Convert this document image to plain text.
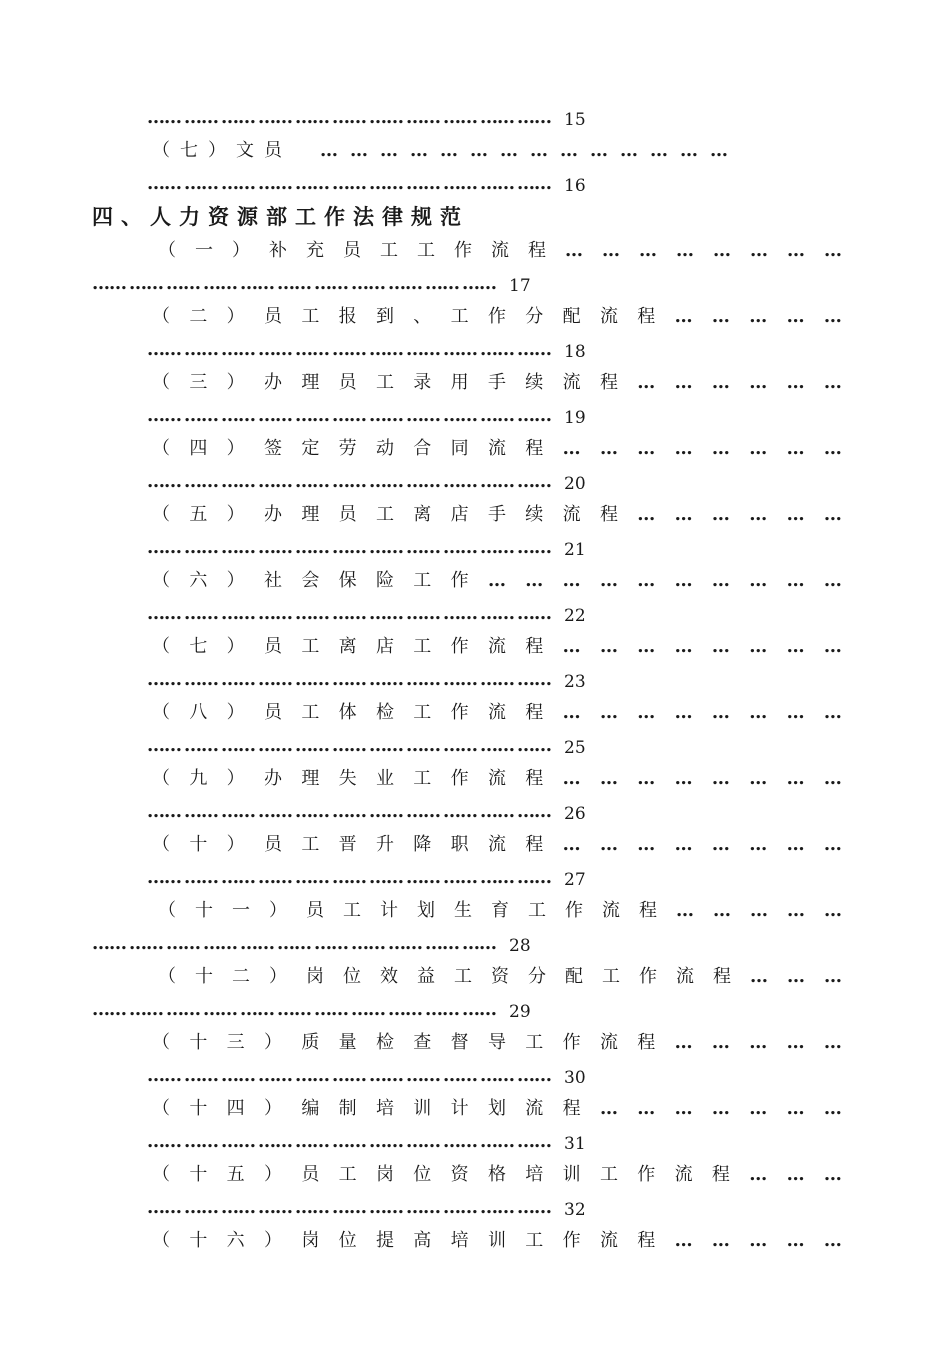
…… …… …… …… …… …… …… …… …… …… …… 15
（七）文员 ……………………………………
…… …… …… …… …… …… …… …… …… …… …… 16
四 、 人 力 资 源 部 工 作 法 律 规 范
（ 一 ） 补 充 员 工 工 作 流 程 … … … … … … … …
…… …… …… …… …… …… …… …… …… …… …… 17
（ 二 ） 员 工 报 到 、 工 作 分 配 流 程 … … … … …
…… …… …… …… …… …… …… …… …… …… …… 18
（ 三 ） 办 理 员 工 录 用 手 续 流 程 … … … … … …
…… …… …… …… …… …… …… …… …… …… …… 19
（ 四 ） 签 定 劳 动 合 同 流 程 … … … … … … … …
…… …… …… …… …… …… …… …… …… …… …… 20
（ 五 ） 办 理 员 工 离 店 手 续 流 程 … … … … … …
…… …… …… …… …… …… …… …… …… …… …… 21
（ 六 ） 社 会 保 险 工 作 … … … … … … … … … …
…… …… …… …… …… …… …… …… …… …… …… 22
（ 七 ） 员 工 离 店 工 作 流 程 … … … … … … … …
…… …… …… …… …… …… …… …… …… …… …… 23
（ 八 ） 员 工 体 检 工 作 流 程 … … … … … … … …
…… …… …… …… …… …… …… …… …… …… …… 25
（ 九 ） 办 理 失 业 工 作 流 程 … … … … … … … …
…… …… …… …… …… …… …… …… …… …… …… 26
（ 十 ） 员 工 晋 升 降 职 流 程 … … … … … … … …
…… …… …… …… …… …… …… …… …… …… …… 27
（ 十 一 ） 员 工 计 划 生 育 工 作 流 程 … … … … …
…… …… …… …… …… …… …… …… …… …… …… 28
（ 十 二 ） 岗 位 效 益 工 资 分 配 工 作 流 程 … … …
…… …… …… …… …… …… …… …… …… …… …… 29
（ 十 三 ） 质 量 检 查 督 导 工 作 流 程 … … … … …
…… …… …… …… …… …… …… …… …… …… …… 30
（ 十 四 ） 编 制 培 训 计 划 流 程 … … … … … … …
…… …… …… …… …… …… …… …… …… …… …… 31
（ 十 五 ） 员 工 岗 位 资 格 培 训 工 作 流 程 … … …
…… …… …… …… …… …… …… …… …… …… …… 32
（ 十 六 ） 岗 位 提 高 培 训 工 作 流 程 … … … … …
